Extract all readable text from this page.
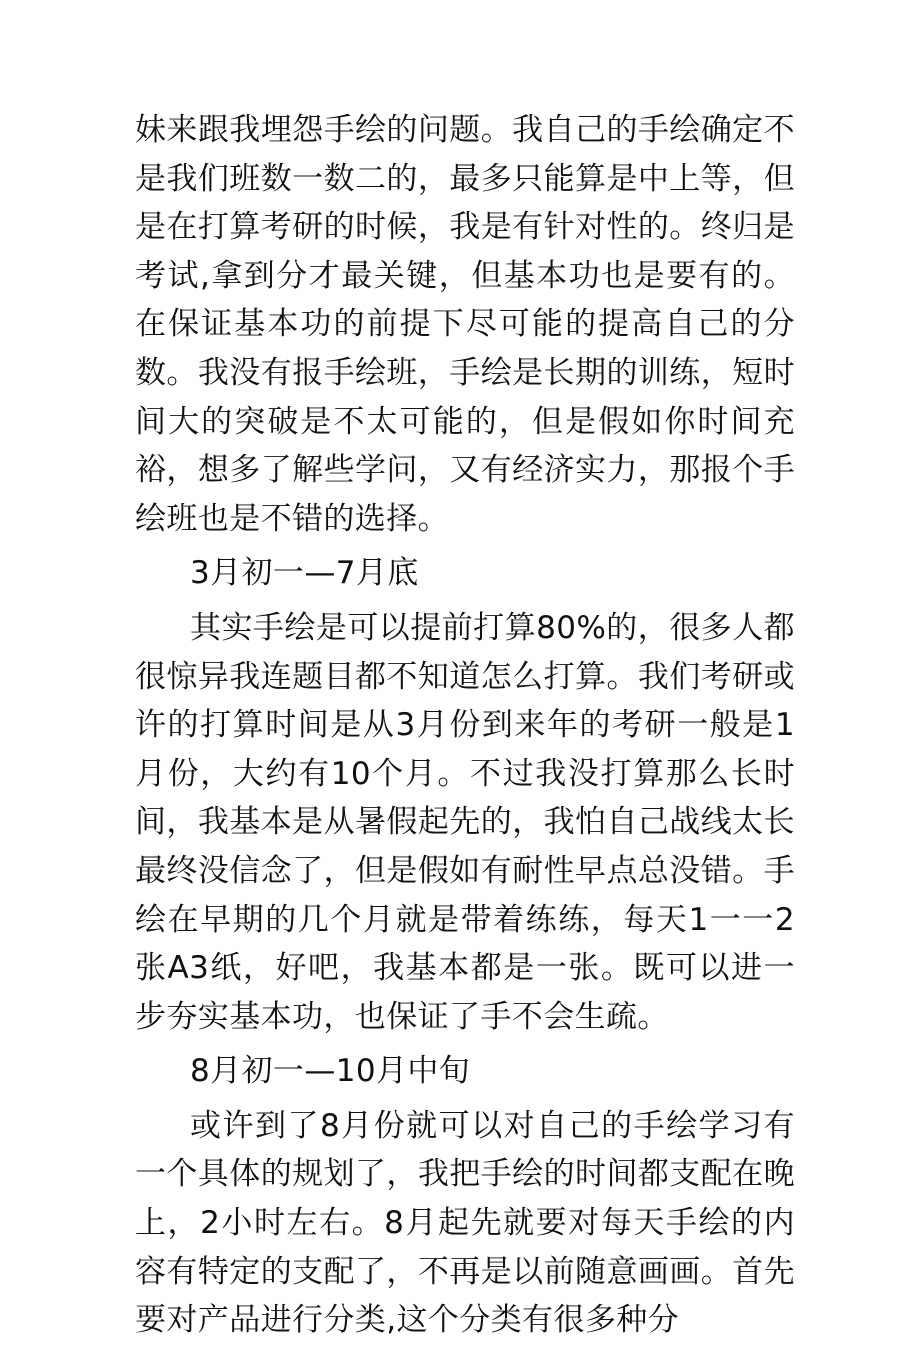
妹来跟我埋怨手绘的问题。我自己的手绘确定不是我们班数一数二的，最多只能算是中上等，但是在打算考研的时候，我是有针对性的。终归是考试,拿到分才最关键，但基本功也是要有的。在保证基本功的前提下尽可能的提高自己的分数。我没有报手绘班，手绘是长期的训练，短时间大的突破是不太可能的，但是假如你时间充裕，想多了解些学问，又有经济实力，那报个手绘班也是不错的选择。

3月初一—7月底

其实手绘是可以提前打算80%的，很多人都很惊异我连题目都不知道怎么打算。我们考研或许的打算时间是从3月份到来年的考研一般是1月份，大约有10个月。不过我没打算那么长时间，我基本是从暑假起先的，我怕自己战线太长最终没信念了，但是假如有耐性早点总没错。手绘在早期的几个月就是带着练练，每天1一一2张A3纸，好吧，我基本都是一张。既可以进一步夯实基本功，也保证了手不会生疏。

8月初一—10月中旬

或许到了8月份就可以对自己的手绘学习有一个具体的规划了，我把手绘的时间都支配在晚上，2小时左右。8月起先就要对每天手绘的内容有特定的支配了，不再是以前随意画画。首先要对产品进行分类,这个分类有很多种分
